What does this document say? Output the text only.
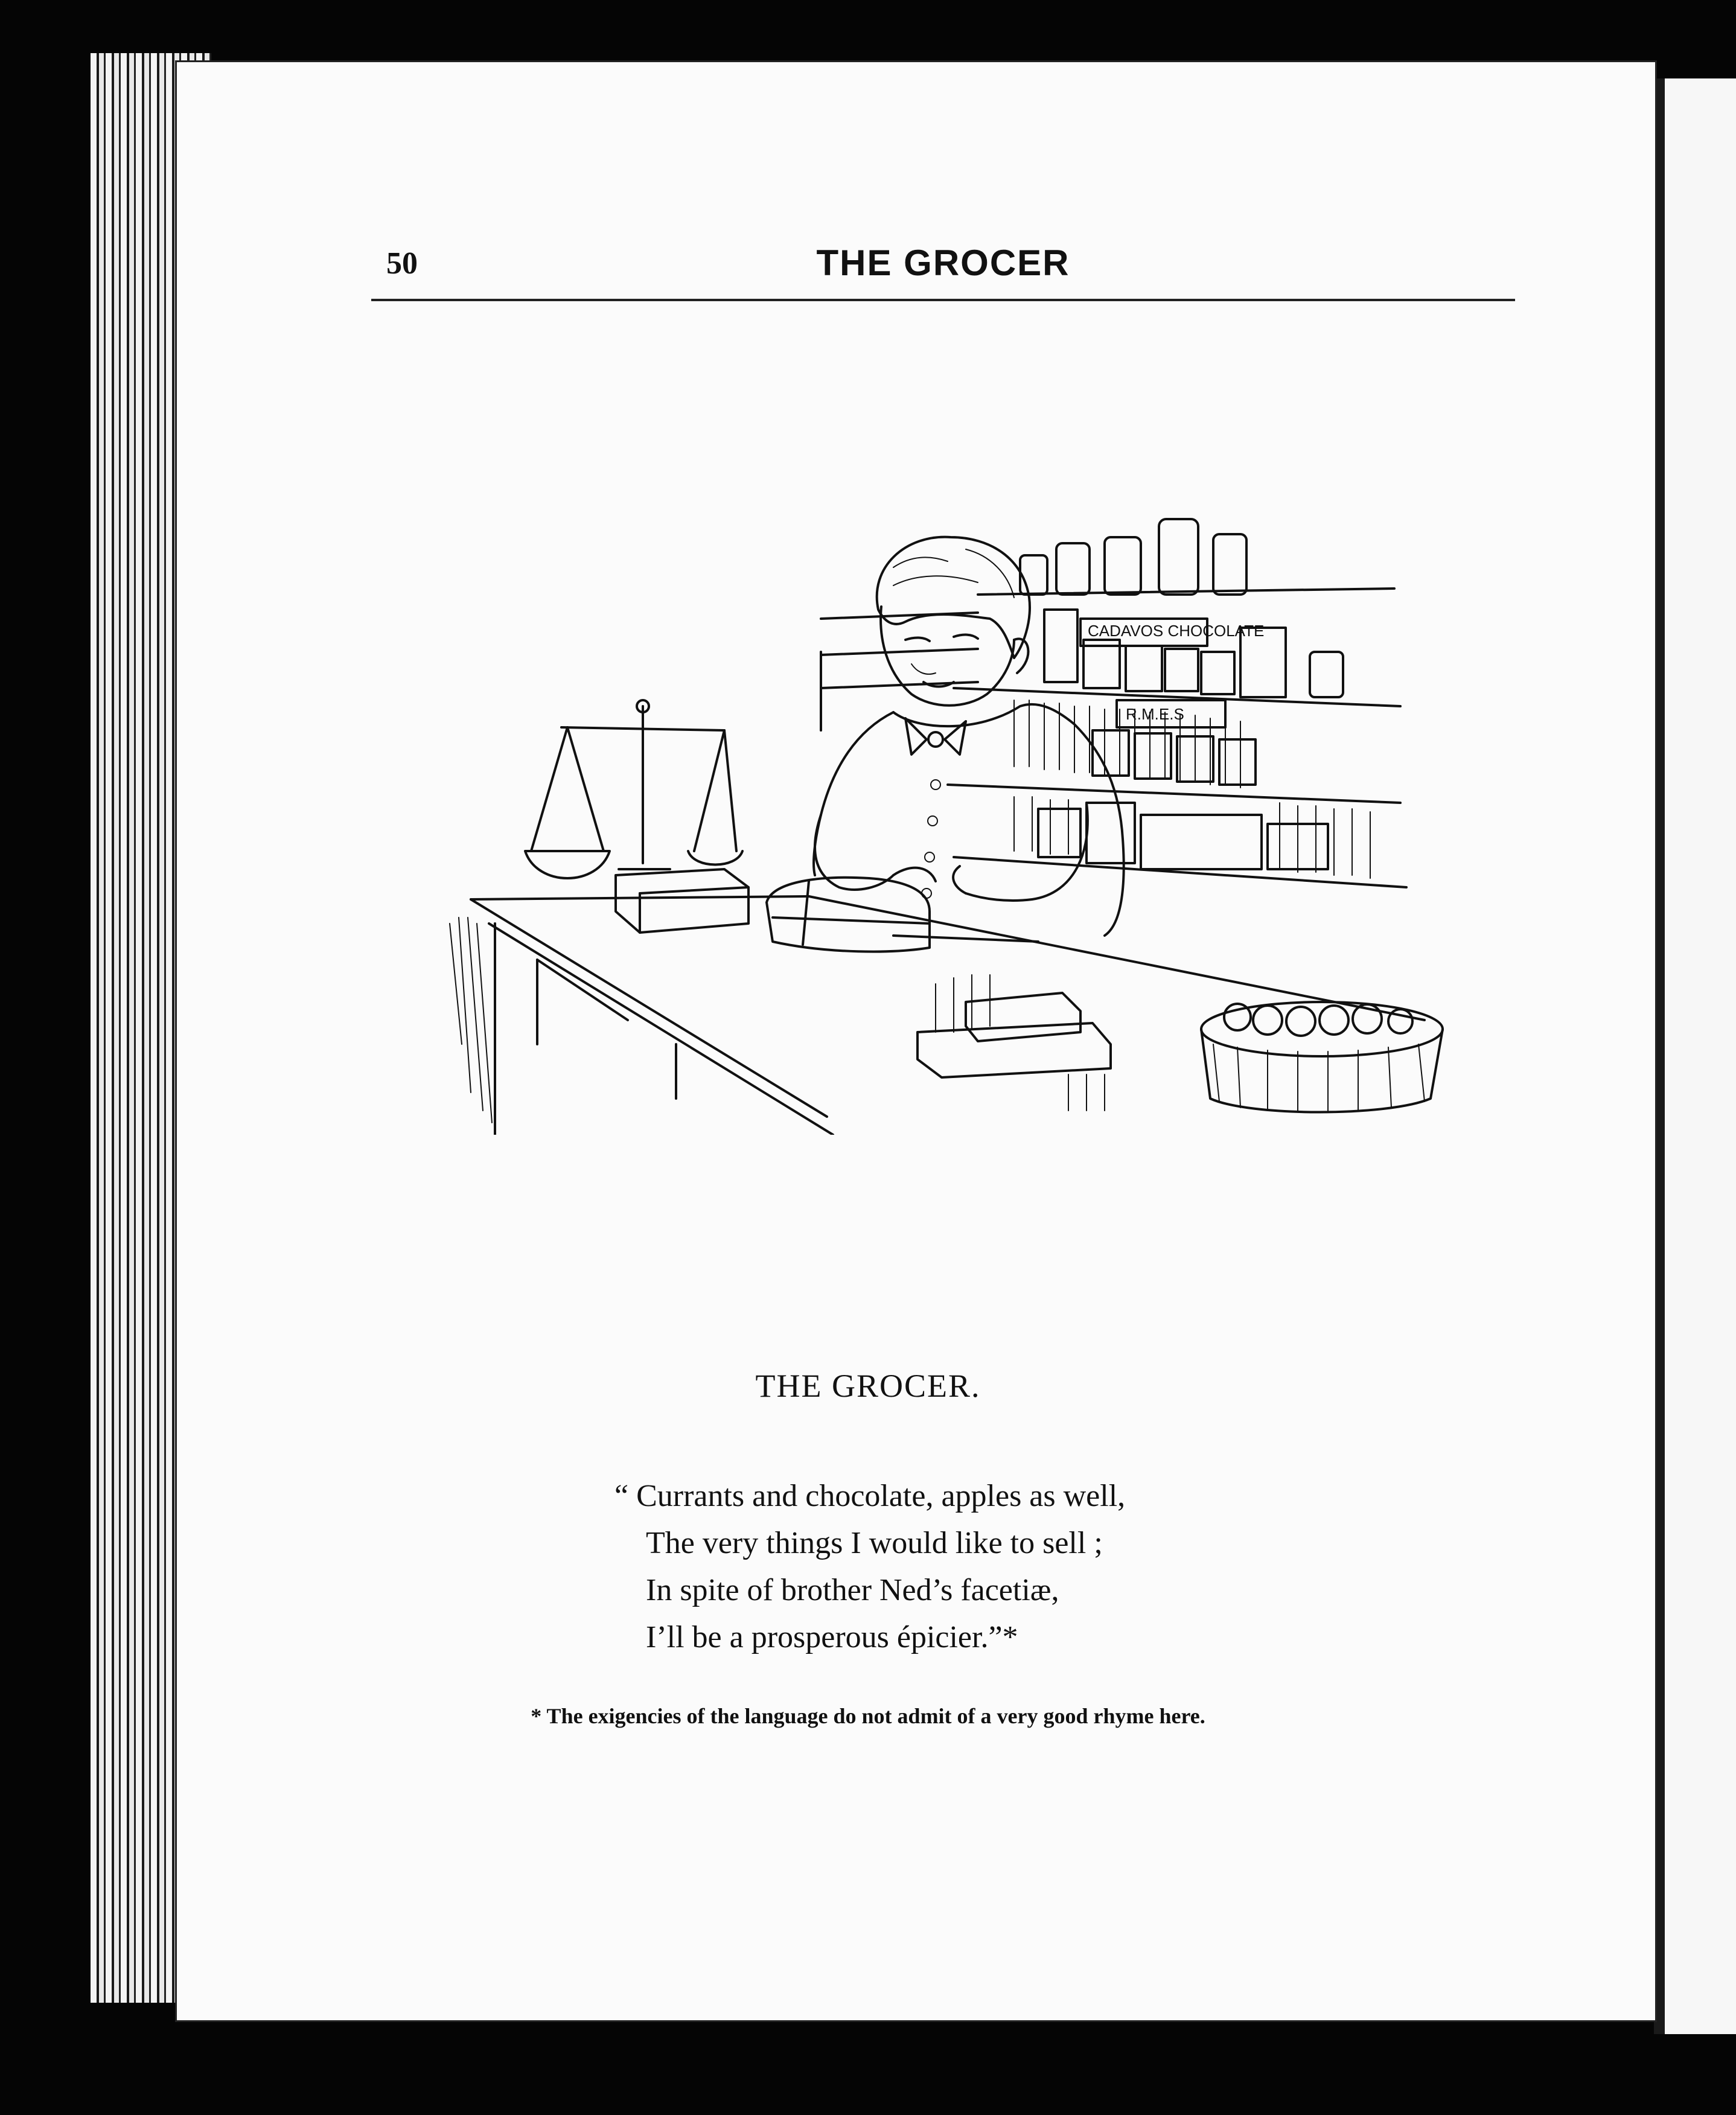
50	THE GROCER
CADAVOS CHOCOLATE
R.M.E.S
THE GROCER.
“ Currants and chocolate, apples as well,
The very things I would like to sell ;
In spite of brother Ned’s facetiæ,
I’ll be a prosperous épicier.”*
* The exigencies of the language do not admit of a very good rhyme here.
